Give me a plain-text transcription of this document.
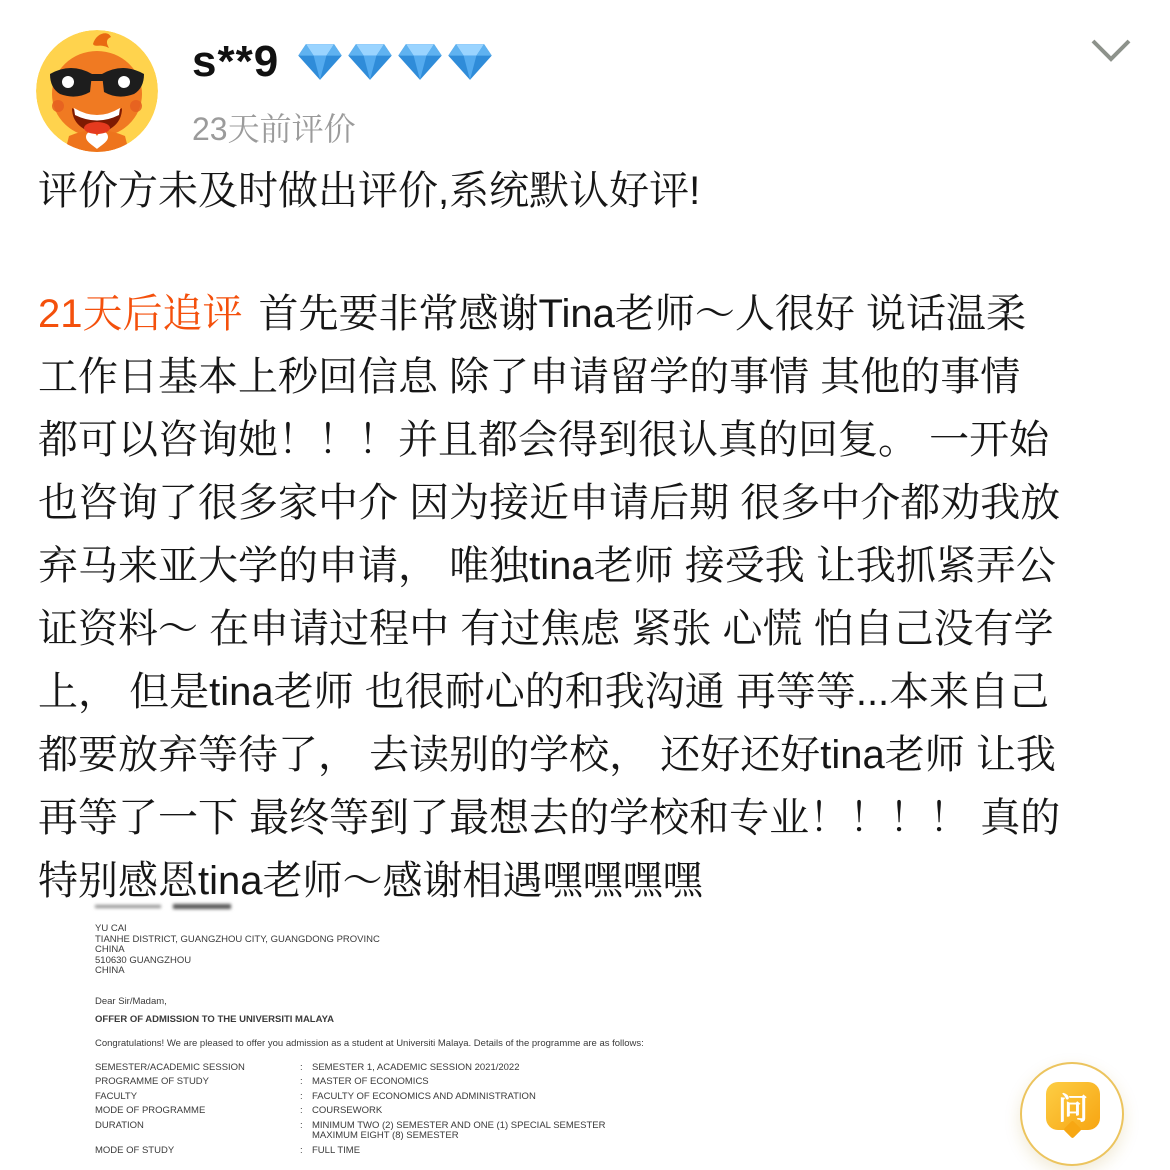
s**9
23天前评价
评价方未及时做出评价,系统默认好评!
21天后追评 首先要非常感谢Tina老师～人很好 说话温柔
工作日基本上秒回信息 除了申请留学的事情 其他的事情
都可以咨询她！！！并且都会得到很认真的回复。 一开始
也咨询了很多家中介 因为接近申请后期 很多中介都劝我放
弃马来亚大学的申请， 唯独tina老师 接受我 让我抓紧弄公
证资料～ 在申请过程中 有过焦虑 紧张 心慌 怕自己没有学
上， 但是tina老师 也很耐心的和我沟通 再等等...本来自己
都要放弃等待了， 去读别的学校， 还好还好tina老师 让我
再等了一下 最终等到了最想去的学校和专业！！！！ 真的
特别感恩tina老师～感谢相遇嘿嘿嘿嘿
YU CAI
TIANHE DISTRICT, GUANGZHOU CITY, GUANGDONG PROVINC
CHINA
510630 GUANGZHOU
CHINA
Dear Sir/Madam,
OFFER OF ADMISSION TO THE UNIVERSITI MALAYA
Congratulations! We are pleased to offer you admission as a student at Universiti Malaya. Details of the programme are as follows:
SEMESTER/ACADEMIC SESSION	: SEMESTER 1, ACADEMIC SESSION 2021/2022
PROGRAMME OF STUDY	: MASTER OF ECONOMICS
FACULTY	: FACULTY OF ECONOMICS AND ADMINISTRATION
MODE OF PROGRAMME	: COURSEWORK
DURATION	: MINIMUM TWO (2) SEMESTER AND ONE (1) SPECIAL SEMESTER
MAXIMUM EIGHT (8) SEMESTER
MODE OF STUDY	: FULL TIME
问
